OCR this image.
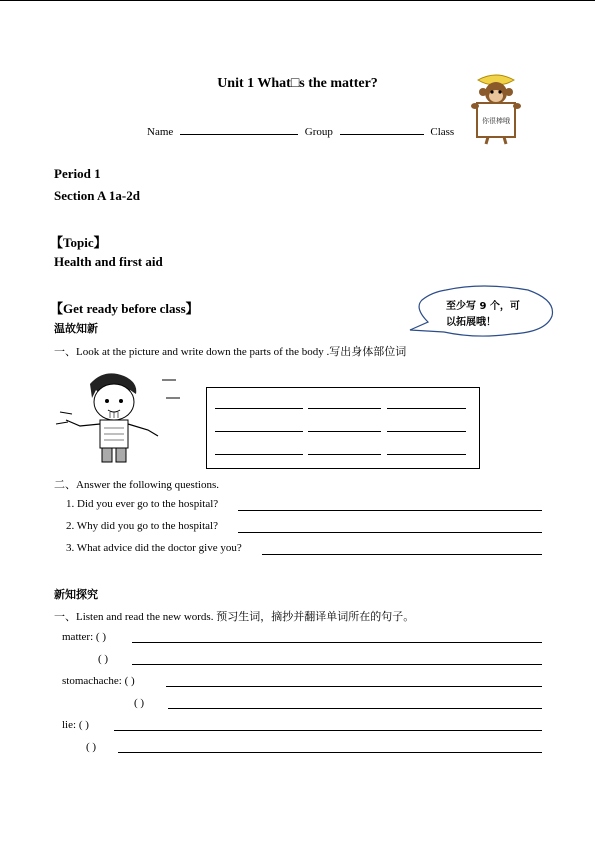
Unit 1 What□s the matter?
Name	Group	Class
你很棒哦
Period 1
Section A 1a-2d
【Topic】
Health and first aid
【Get ready before class】	至少写 9 个，可
以拓展哦！
温故知新
一、Look at the picture and write down the parts of the body .写出身体部位词
二、Answer the following questions.
1. Did you ever go to the hospital?
2. Why did you go to the hospital?
3. What advice did the doctor give you?
新知探究
一、Listen and read the new words. 预习生词，摘抄并翻译单词所在的句子。
matter: ( )
( )
stomachache: ( )
( )
lie: ( )
( )
